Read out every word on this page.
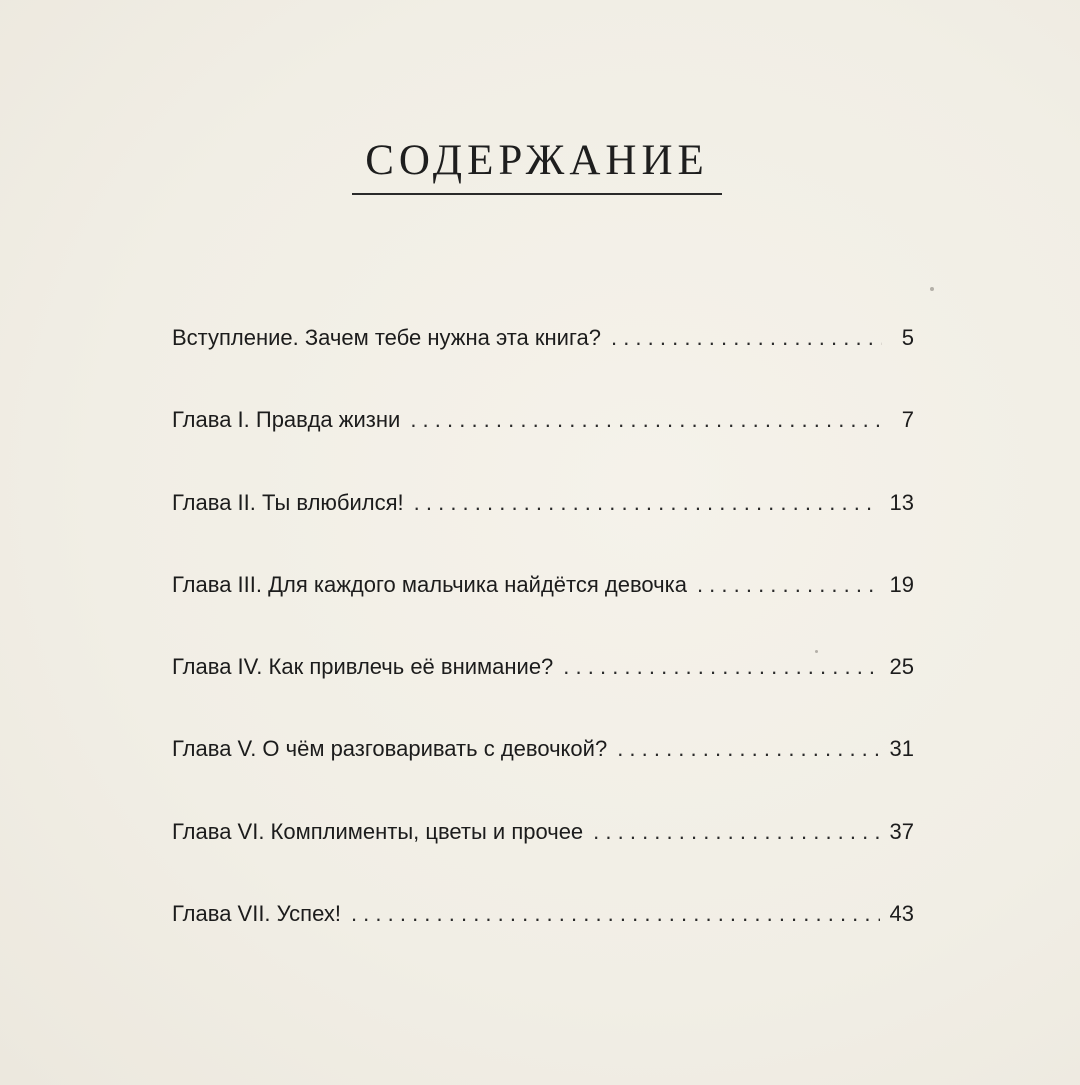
СОДЕРЖАНИЕ
Вступление. Зачем тебе нужна эта книга? . . .	5
Глава I. Правда жизни . . .	7
Глава II. Ты влюбился! . . .	13
Глава III. Для каждого мальчика найдётся девочка . . .	19
Глава IV. Как привлечь её внимание? . . .	25
Глава V. О чём разговаривать с девочкой? . . .	31
Глава VI. Комплименты, цветы и прочее . . .	37
Глава VII. Успех! . . .	43
